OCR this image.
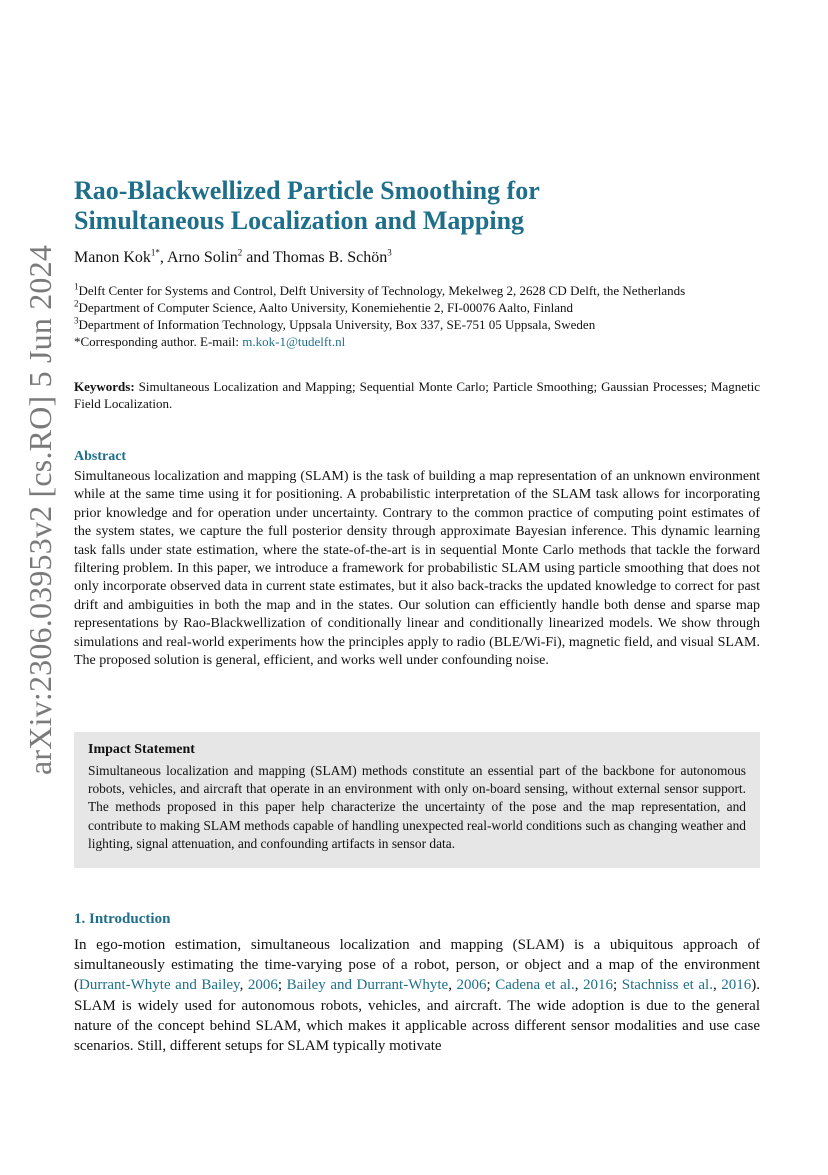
arXiv:2306.03953v2 [cs.RO] 5 Jun 2024
Rao-Blackwellized Particle Smoothing for
Simultaneous Localization and Mapping

Manon Kok$^{1*}$, Arno Solin$^2$ and Thomas B. Schön$^3$

$^1$Delft Center for Systems and Control, Delft University of Technology, Mekelweg 2, 2628 CD Delft, the Netherlands

$^2$Department of Computer Science, Aalto University, Konemiehentie 2, FI-00076 Aalto, Finland

$^3$Department of Information Technology, Uppsala University, Box 337, SE-751 05 Uppsala, Sweden

*Corresponding author. E-mail: m.kok-1@tudelft.nl

Keywords: Simultaneous Localization and Mapping; Sequential Monte Carlo; Particle Smoothing; Gaussian Processes; Magnetic Field Localization.

Abstract

Simultaneous localization and mapping (SLAM) is the task of building a map representation of an unknown environment while at the same time using it for positioning. A probabilistic interpretation of the SLAM task allows for incorporating prior knowledge and for operation under uncertainty. Contrary to the common practice of computing point estimates of the system states, we capture the full posterior density through approximate Bayesian inference. This dynamic learning task falls under state estimation, where the state-of-the-art is in sequential Monte Carlo methods that tackle the forward filtering problem. In this paper, we introduce a framework for probabilistic SLAM using particle smoothing that does not only incorporate observed data in current state estimates, but it also back-tracks the updated knowledge to correct for past drift and ambiguities in both the map and in the states. Our solution can efficiently handle both dense and sparse map representations by Rao-Blackwellization of conditionally linear and conditionally linearized models. We show through simulations and real-world experiments how the principles apply to radio (BLE/Wi-Fi), magnetic field, and visual SLAM. The proposed solution is general, efficient, and works well under confounding noise.

Impact Statement

Simultaneous localization and mapping (SLAM) methods constitute an essential part of the backbone for autonomous robots, vehicles, and aircraft that operate in an environment with only on-board sensing, without external sensor support. The methods proposed in this paper help characterize the uncertainty of the pose and the map representation, and contribute to making SLAM methods capable of handling unexpected real-world conditions such as changing weather and lighting, signal attenuation, and confounding artifacts in sensor data.

1. Introduction

In ego-motion estimation, simultaneous localization and mapping (SLAM) is a ubiquitous approach of simultaneously estimating the time-varying pose of a robot, person, or object and a map of the environment (Durrant-Whyte and Bailey, 2006; Bailey and Durrant-Whyte, 2006; Cadena et al., 2016; Stachniss et al., 2016). SLAM is widely used for autonomous robots, vehicles, and aircraft. The wide adoption is due to the general nature of the concept behind SLAM, which makes it applicable across different sensor modalities and use case scenarios. Still, different setups for SLAM typically motivate
